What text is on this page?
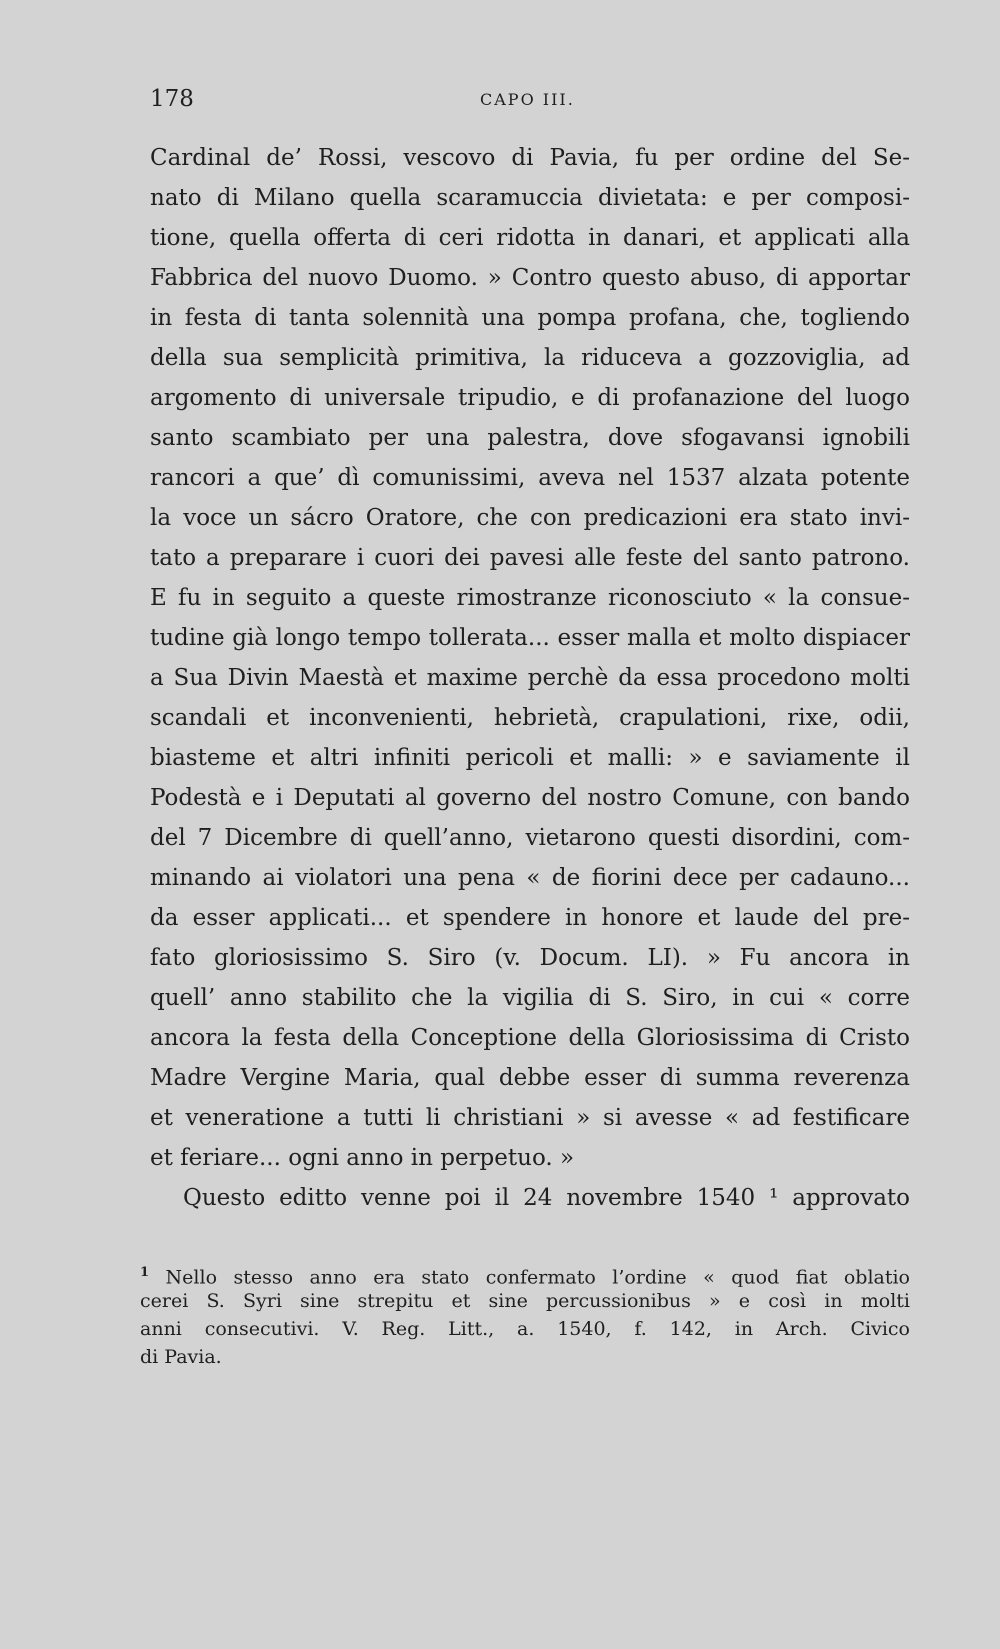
178	CAPO III.
Cardinal de’ Rossi, vescovo di Pavia, fu per ordine del Se-
nato di Milano quella scaramuccia divietata: e per composi-
tione, quella offerta di ceri ridotta in danari, et applicati alla
Fabbrica del nuovo Duomo. » Contro questo abuso, di apportar
in festa di tanta solennità una pompa profana, che, togliendo
della sua semplicità primitiva, la riduceva a gozzoviglia, ad
argomento di universale tripudio, e di profanazione del luogo
santo scambiato per una palestra, dove sfogavansi ignobili
rancori a que’ dì comunissimi, aveva nel 1537 alzata potente
la voce un sácro Oratore, che con predicazioni era stato invi-
tato a preparare i cuori dei pavesi alle feste del santo patrono.
E fu in seguito a queste rimostranze riconosciuto « la consue-
tudine già longo tempo tollerata... esser malla et molto dispiacer
a Sua Divin Maestà et maxime perchè da essa procedono molti
scandali et inconvenienti, hebrietà, crapulationi, rixe, odii,
biasteme et altri infiniti pericoli et malli: » e saviamente il
Podestà e i Deputati al governo del nostro Comune, con bando
del 7 Dicembre di quell’anno, vietarono questi disordini, com-
minando ai violatori una pena « de fiorini dece per cadauno...
da esser applicati... et spendere in honore et laude del pre-
fato gloriosissimo S. Siro (v. Docum. LI). » Fu ancora in
quell’ anno stabilito che la vigilia di S. Siro, in cui « corre
ancora la festa della Conceptione della Gloriosissima di Cristo
Madre Vergine Maria, qual debbe esser di summa reverenza
et veneratione a tutti li christiani » si avesse « ad festificare
et feriare... ogni anno in perpetuo. »
Questo editto venne poi il 24 novembre 1540 ¹ approvato
$^1$ Nello stesso anno era stato confermato l’ordine « quod fiat oblatio
cerei S. Syri sine strepitu et sine percussionibus » e così in molti
anni consecutivi. V. Reg. Litt., a. 1540, f. 142, in Arch. Civico
di Pavia.
